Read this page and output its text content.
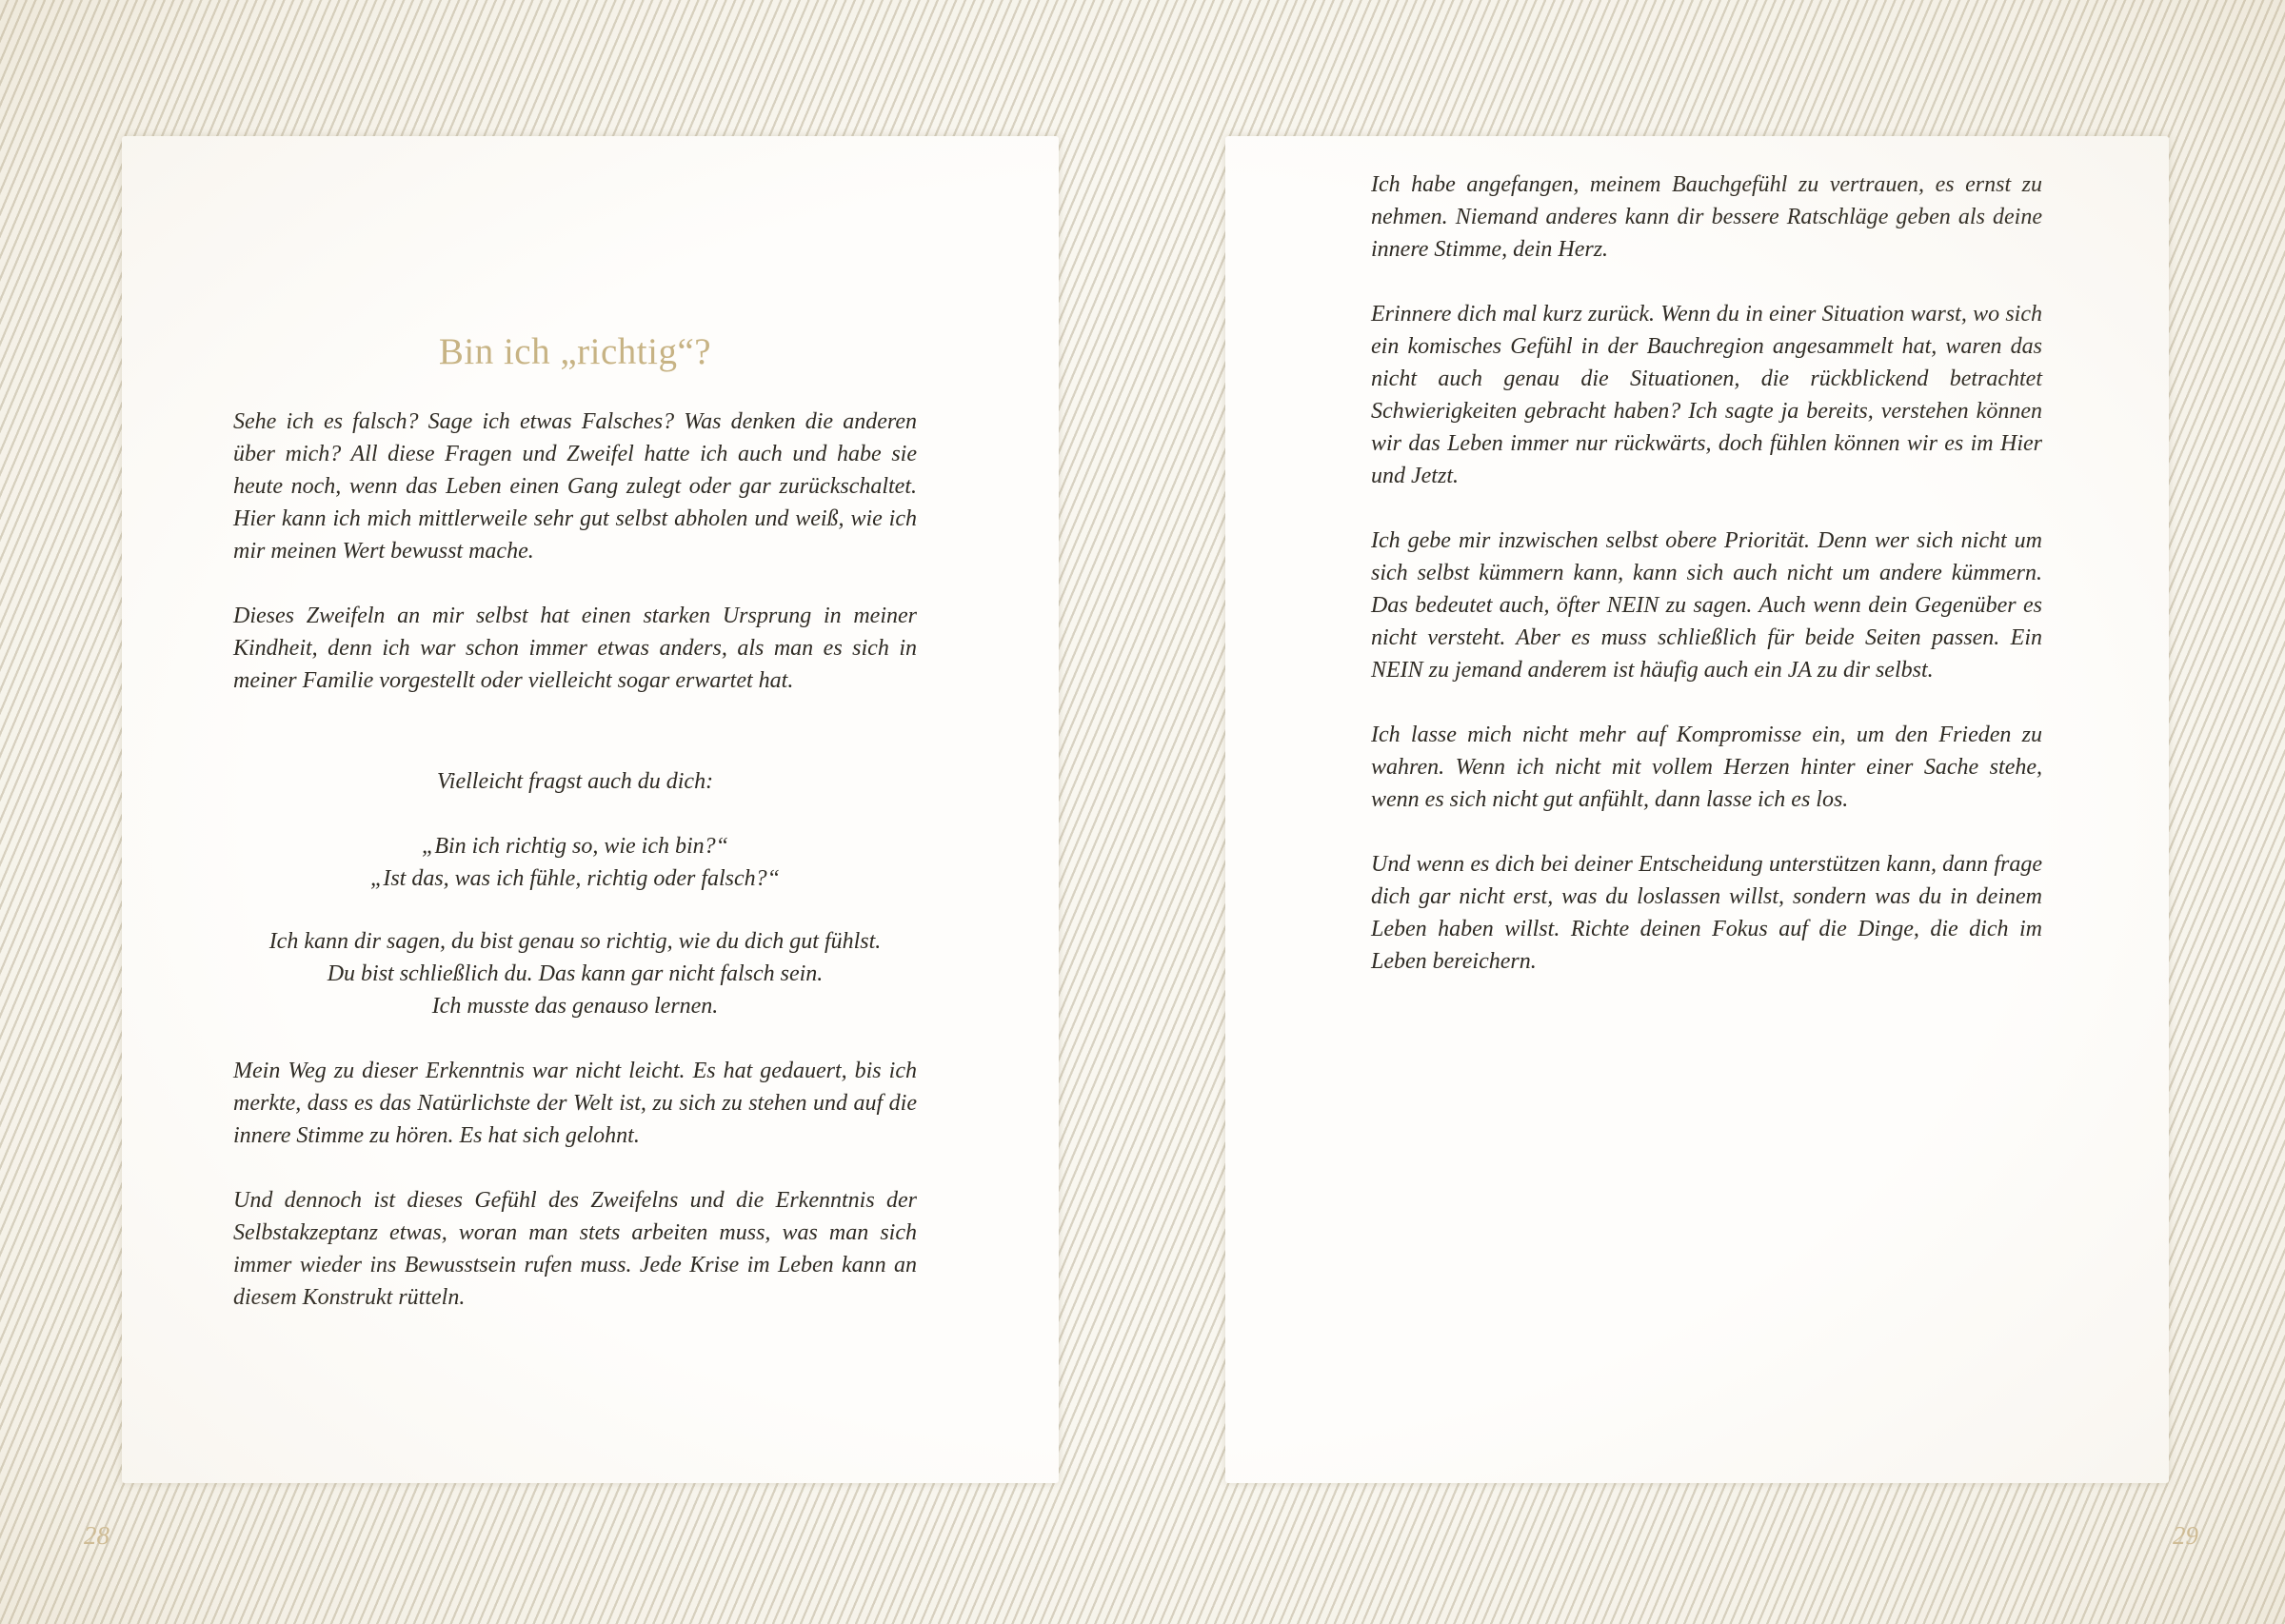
Bin ich „richtig“?

Sehe ich es falsch? Sage ich etwas Falsches? Was denken die anderen über mich? All diese Fragen und Zweifel hatte ich auch und habe sie heute noch, wenn das Leben einen Gang zulegt oder gar zurückschaltet. Hier kann ich mich mittlerweile sehr gut selbst abholen und weiß, wie ich mir meinen Wert bewusst mache.

Dieses Zweifeln an mir selbst hat einen starken Ursprung in meiner Kindheit, denn ich war schon immer etwas anders, als man es sich in meiner Familie vorgestellt oder vielleicht sogar erwartet hat.

Vielleicht fragst auch du dich:
„Bin ich richtig so, wie ich bin?“
„Ist das, was ich fühle, richtig oder falsch?“
Ich kann dir sagen, du bist genau so richtig, wie du dich gut fühlst.
Du bist schließlich du. Das kann gar nicht falsch sein.
Ich musste das genauso lernen.

Mein Weg zu dieser Erkenntnis war nicht leicht. Es hat gedauert, bis ich merkte, dass es das Natürlichste der Welt ist, zu sich zu stehen und auf die innere Stimme zu hören. Es hat sich gelohnt.

Und dennoch ist dieses Gefühl des Zweifelns und die Erkenntnis der Selbstakzeptanz etwas, woran man stets arbeiten muss, was man sich immer wieder ins Bewusstsein rufen muss. Jede Krise im Leben kann an diesem Konstrukt rütteln.

Ich habe angefangen, meinem Bauchgefühl zu vertrauen, es ernst zu nehmen. Niemand anderes kann dir bessere Ratschläge geben als deine innere Stimme, dein Herz.

Erinnere dich mal kurz zurück. Wenn du in einer Situation warst, wo sich ein komisches Gefühl in der Bauchregion angesammelt hat, waren das nicht auch genau die Situationen, die rückblickend betrachtet Schwierigkeiten gebracht haben? Ich sagte ja bereits, verstehen können wir das Leben immer nur rückwärts, doch fühlen können wir es im Hier und Jetzt.

Ich gebe mir inzwischen selbst obere Priorität. Denn wer sich nicht um sich selbst kümmern kann, kann sich auch nicht um andere kümmern. Das bedeutet auch, öfter NEIN zu sagen. Auch wenn dein Gegenüber es nicht versteht. Aber es muss schließlich für beide Seiten passen. Ein NEIN zu jemand anderem ist häufig auch ein JA zu dir selbst.

Ich lasse mich nicht mehr auf Kompromisse ein, um den Frieden zu wahren. Wenn ich nicht mit vollem Herzen hinter einer Sache stehe, wenn es sich nicht gut anfühlt, dann lasse ich es los.

Und wenn es dich bei deiner Entscheidung unterstützen kann, dann frage dich gar nicht erst, was du loslassen willst, sondern was du in deinem Leben haben willst. Richte deinen Fokus auf die Dinge, die dich im Leben bereichern.

28	29
